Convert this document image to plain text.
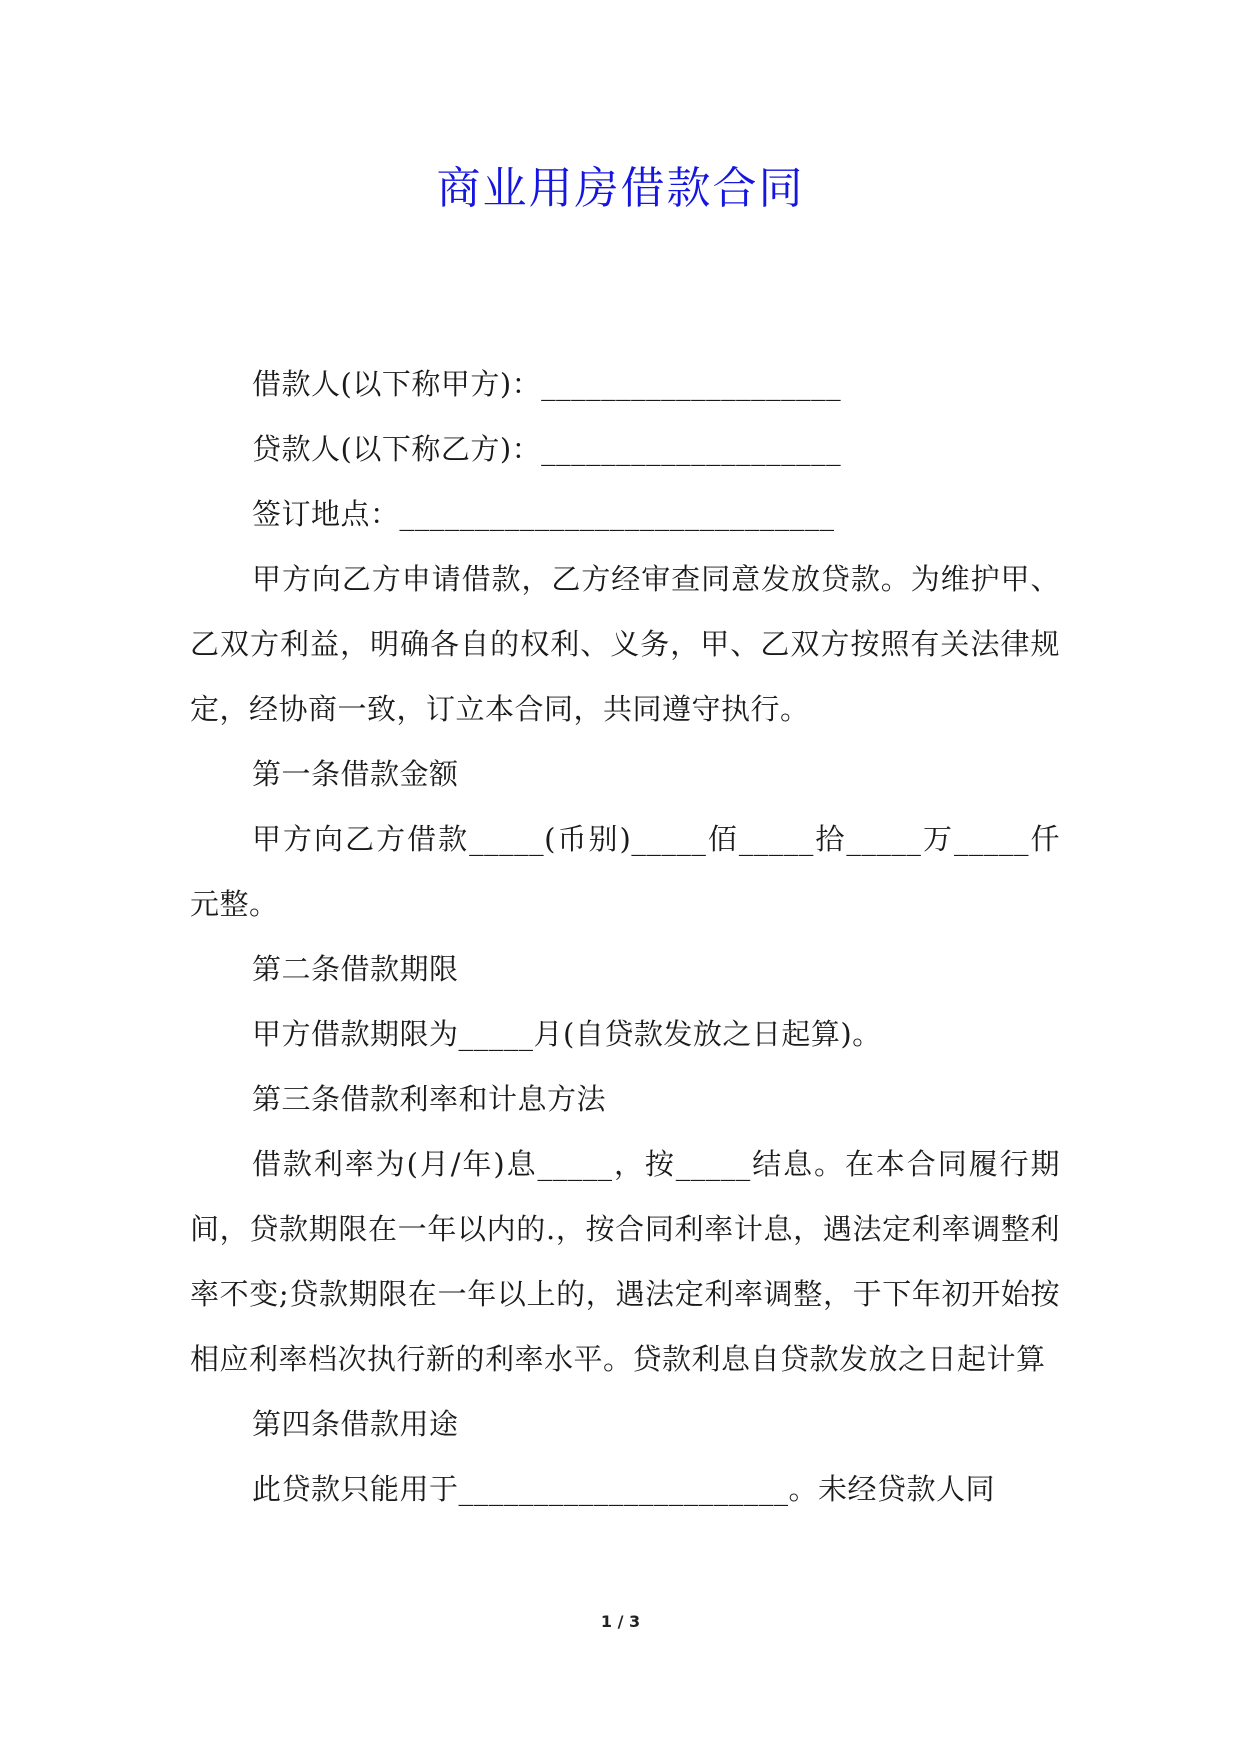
商业用房借款合同

借款人(以下称甲方)：____________________

贷款人(以下称乙方)：____________________

签订地点：_____________________________

甲方向乙方申请借款，乙方经审查同意发放贷款。为维护甲、乙双方利益，明确各自的权利、义务，甲、乙双方按照有关法律规定，经协商一致，订立本合同，共同遵守执行。

第一条借款金额

甲方向乙方借款_____(币别)_____佰_____拾_____万_____仟元整。

第二条借款期限

甲方借款期限为_____月(自贷款发放之日起算)。

第三条借款利率和计息方法

借款利率为(月/年)息_____，按_____结息。在本合同履行期间，贷款期限在一年以内的.，按合同利率计息，遇法定利率调整利率不变;贷款期限在一年以上的，遇法定利率调整，于下年初开始按相应利率档次执行新的利率水平。贷款利息自贷款发放之日起计算

第四条借款用途

此贷款只能用于______________________。未经贷款人同

1 / 3
